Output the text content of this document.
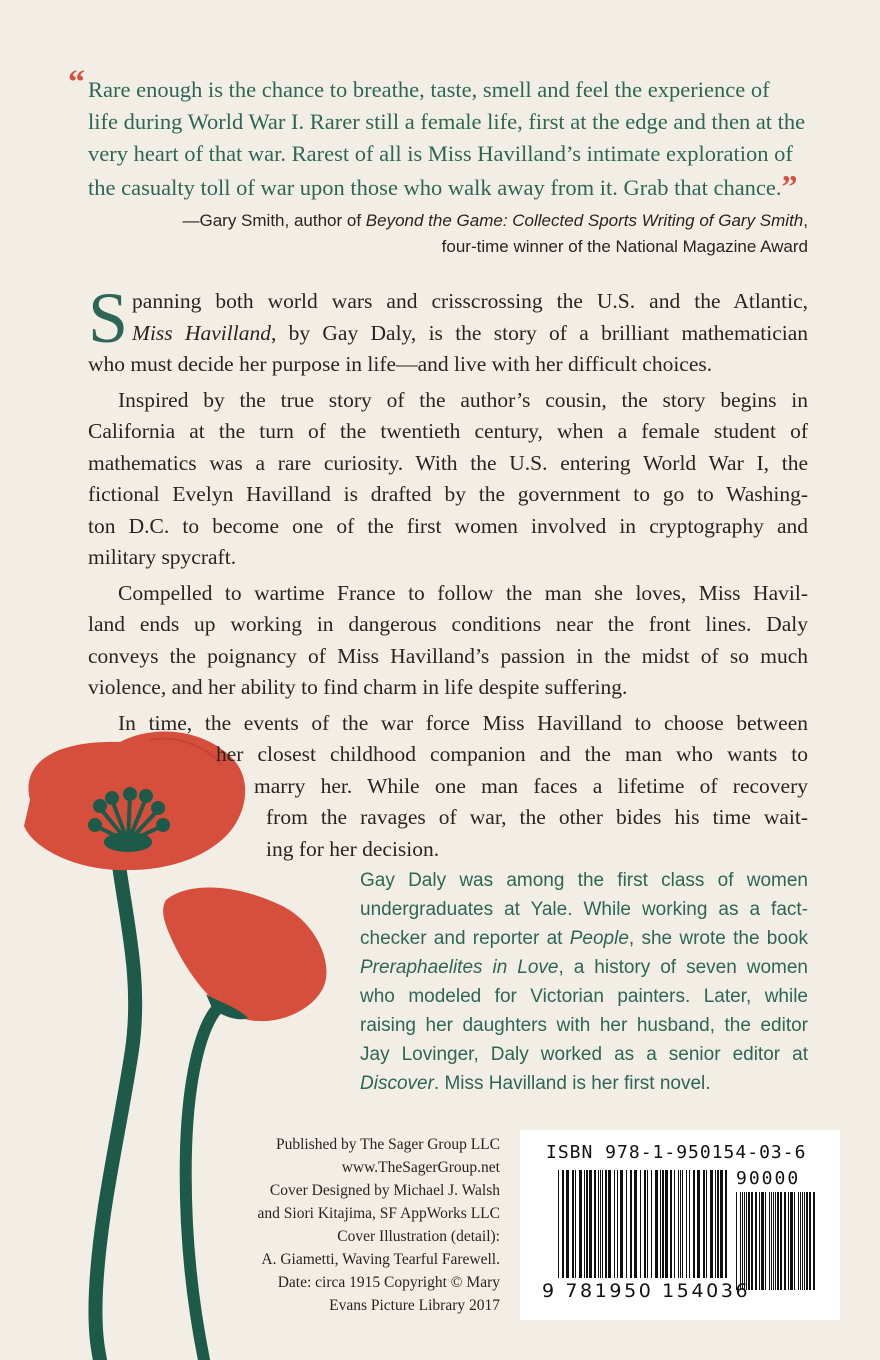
“ Rare enough is the chance to breathe, taste, smell and feel the experience of
life during World War I. Rarer still a female life, first at the edge and then at the
very heart of that war. Rarest of all is Miss Havilland’s intimate exploration of
the casualty toll of war upon those who walk away from it. Grab that chance.”
—Gary Smith, author of Beyond the Game: Collected Sports Writing of Gary Smith,
four-time winner of the National Magazine Award
S panning both world wars and crisscrossing the U.S. and the Atlantic,
Miss Havilland, by Gay Daly, is the story of a brilliant mathematician
who must decide her purpose in life—and live with her difficult choices.
Inspired by the true story of the author’s cousin, the story begins in
California at the turn of the twentieth century, when a female student of
mathematics was a rare curiosity. With the U.S. entering World War I, the
fictional Evelyn Havilland is drafted by the government to go to Washing-
ton D.C. to become one of the first women involved in cryptography and
military spycraft.
Compelled to wartime France to follow the man she loves, Miss Havil-
land ends up working in dangerous conditions near the front lines. Daly
conveys the poignancy of Miss Havilland’s passion in the midst of so much
violence, and her ability to find charm in life despite suffering.
In time, the events of the war force Miss Havilland to choose between
her closest childhood companion and the man who wants to
marry her. While one man faces a lifetime of recovery
from the ravages of war, the other bides his time wait-
ing for her decision.
Gay Daly was among the first class of women
undergraduates at Yale. While working as a fact-
checker and reporter at People, she wrote the book
Preraphaelites in Love, a history of seven women
who modeled for Victorian painters. Later, while
raising her daughters with her husband, the editor
Jay Lovinger, Daly worked as a senior editor at
Discover. Miss Havilland is her first novel.
Published by The Sager Group LLC
www.TheSagerGroup.net
Cover Designed by Michael J. Walsh
and Siori Kitajima, SF AppWorks LLC
Cover Illustration (detail):
A. Giametti, Waving Tearful Farewell.
Date: circa 1915 Copyright © Mary
Evans Picture Library 2017
ISBN 978-1-950154-03-6
90000
9 781950 154036
